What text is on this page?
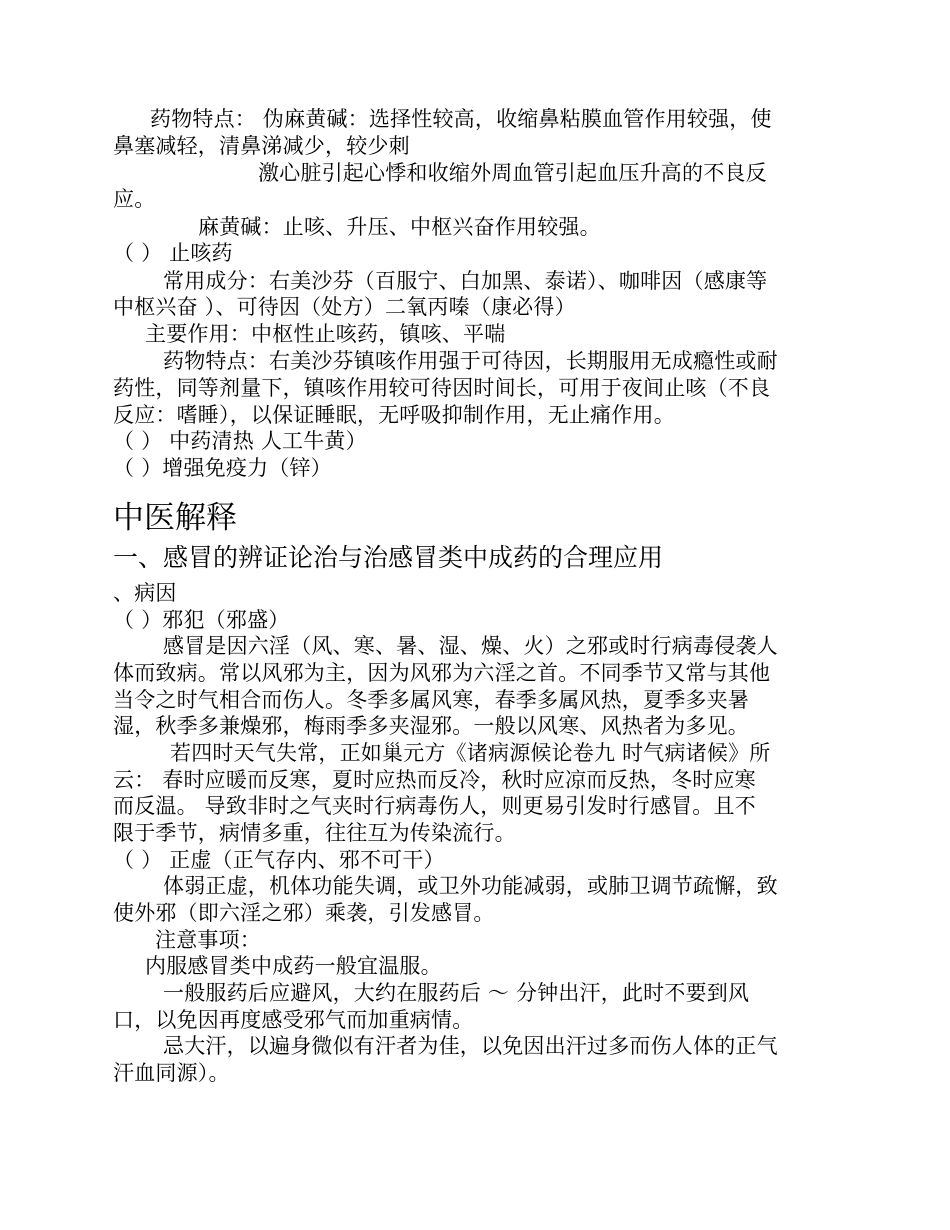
药物特点： 伪麻黄碱：选择性较高，收缩鼻粘膜血管作用较强，使
鼻塞减轻，清鼻涕减少，较少刺
激心脏引起心悸和收缩外周血管引起血压升高的不良反
应。
麻黄碱：止咳、升压、中枢兴奋作用较强。
（ ） 止咳药
常用成分：右美沙芬（百服宁、白加黑、泰诺）、咖啡因（感康等
中枢兴奋 ）、可待因（处方）二氧丙嗪（康必得）
主要作用：中枢性止咳药，镇咳、平喘
药物特点：右美沙芬镇咳作用强于可待因，长期服用无成瘾性或耐
药性，同等剂量下，镇咳作用较可待因时间长，可用于夜间止咳（不良
反应：嗜睡），以保证睡眠，无呼吸抑制作用，无止痛作用。
（ ） 中药清热 人工牛黄）
（ ）增强免疫力（锌）
中医解释
一、感冒的辨证论治与治感冒类中成药的合理应用
、病因
（ ）邪犯（邪盛）
感冒是因六淫（风、寒、暑、湿、燥、火）之邪或时行病毒侵袭人
体而致病。常以风邪为主，因为风邪为六淫之首。不同季节又常与其他
当令之时气相合而伤人。冬季多属风寒，春季多属风热，夏季多夹暑
湿，秋季多兼燥邪，梅雨季多夹湿邪。一般以风寒、风热者为多见。
若四时天气失常，正如巢元方《诸病源候论卷九 时气病诸候》所
云： 春时应暖而反寒，夏时应热而反冷，秋时应凉而反热，冬时应寒
而反温。 导致非时之气夹时行病毒伤人，则更易引发时行感冒。且不
限于季节，病情多重，往往互为传染流行。
（ ） 正虚（正气存内、邪不可干）
体弱正虚，机体功能失调，或卫外功能减弱，或肺卫调节疏懈，致
使外邪（即六淫之邪）乘袭，引发感冒。
注意事项：
内服感冒类中成药一般宜温服。
一般服药后应避风，大约在服药后 ～ 分钟出汗，此时不要到风
口，以免因再度感受邪气而加重病情。
忌大汗，以遍身微似有汗者为佳，以免因出汗过多而伤人体的正气
汗血同源）。
